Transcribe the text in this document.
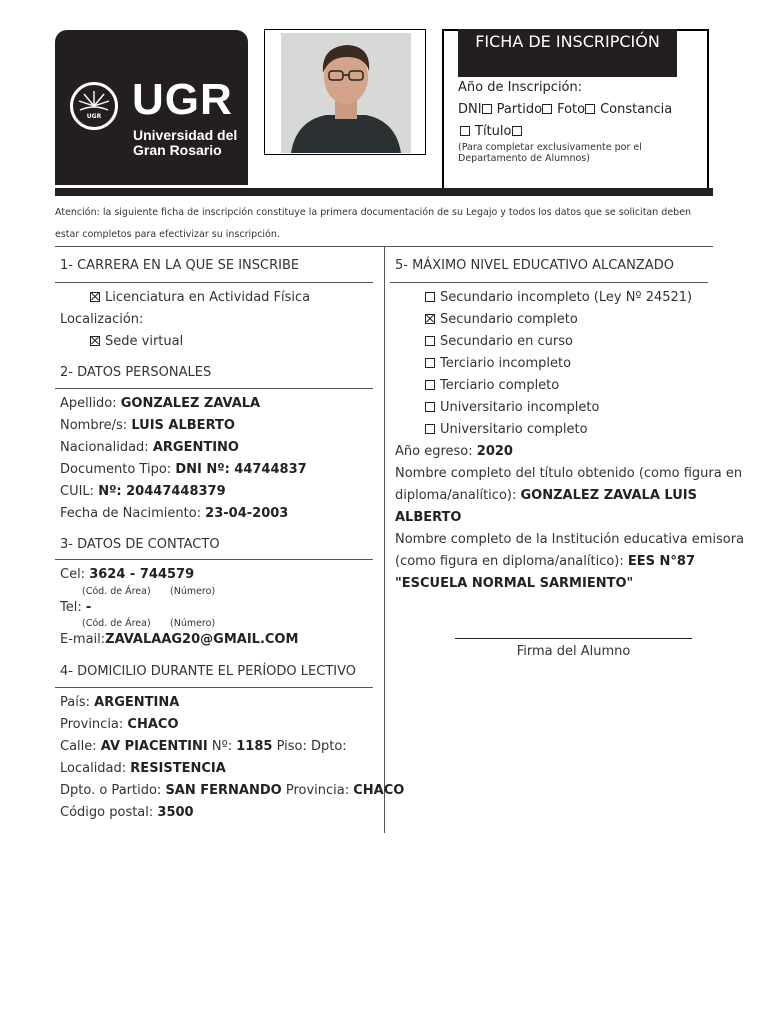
UGR UGR
Universidad del
Gran Rosario
FICHA DE INSCRIPCIÓN
Año de Inscripción:
DNI Partido Foto Constancia
Título
(Para completar exclusivamente por el Departamento de Alumnos)
Atención: la siguiente ficha de inscripción constituye la primera documentación de su Legajo y todos los datos que se solicitan deben estar completos para efectivizar su inscripción.
1- CARRERA EN LA QUE SE INSCRIBE
Licenciatura en Actividad Física
Localización:
Sede virtual
2- DATOS PERSONALES
Apellido: GONZALEZ ZAVALA
Nombre/s: LUIS ALBERTO
Nacionalidad: ARGENTINO
Documento Tipo: DNI Nº: 44744837
CUIL: Nº: 20447448379
Fecha de Nacimiento: 23-04-2003
3- DATOS DE CONTACTO
Cel: 3624 - 744579
(Cód. de Área) (Número)
Tel: -
(Cód. de Área) (Número)
E-mail:ZAVALAAG20@GMAIL.COM
4- DOMICILIO DURANTE EL PERÍODO LECTIVO
País: ARGENTINA
Provincia: CHACO
Calle: AV PIACENTINI Nº: 1185 Piso: Dpto:
Localidad: RESISTENCIA
Dpto. o Partido: SAN FERNANDO Provincia: CHACO
Código postal: 3500
5- MÁXIMO NIVEL EDUCATIVO ALCANZADO
Secundario incompleto (Ley Nº 24521)
Secundario completo
Secundario en curso
Terciario incompleto
Terciario completo
Universitario incompleto
Universitario completo
Año egreso: 2020
Nombre completo del título obtenido (como figura en
diploma/analítico): GONZALEZ ZAVALA LUIS
ALBERTO
Nombre completo de la Institución educativa emisora
(como figura en diploma/analítico): EES N°87
"ESCUELA NORMAL SARMIENTO"
Firma del Alumno
